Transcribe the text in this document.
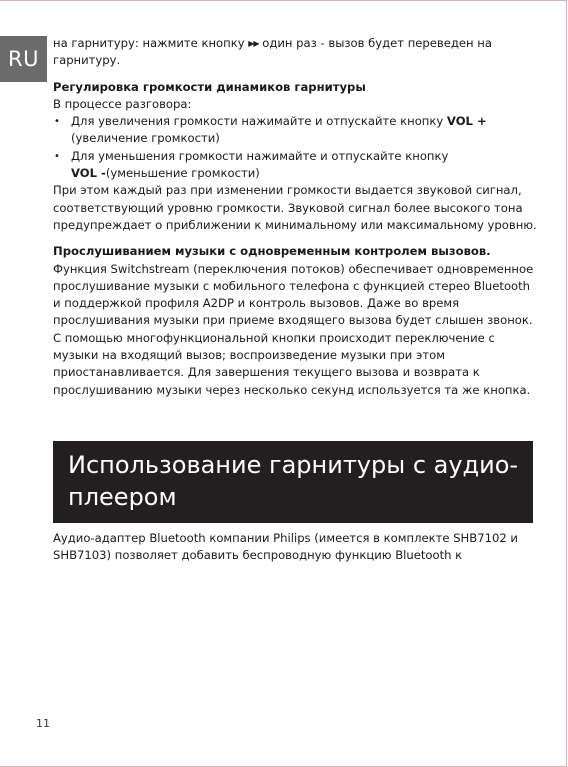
RU

на гарнитуру: нажмите кнопку ▶▶ один раз - вызов будет переведен на гарнитуру.

Регулировка громкости динамиков гарнитуры

В процессе разговора:

• Для увеличения громкости нажимайте и отпускайте кнопку VOL +
(увеличение громкости)
• Для уменьшения громкости нажимайте и отпускайте кнопку
VOL -(уменьшение громкости)

При этом каждый раз при изменении громкости выдается звуковой сигнал, соответствующий уровню громкости. Звуковой сигнал более высокого тона предупреждает о приближении к минимальному или максимальному уровню.

Прослушиванием музыки с одновременным контролем вызовов.

Функция Switchstream (переключения потоков) обеспечивает одновременное прослушивание музыки с мобильного телефона с функцией стерео Bluetooth и поддержкой профиля A2DP и контроль вызовов. Даже во время прослушивания музыки при приеме входящего вызова будет слышен звонок. С помощью многофункциональной кнопки происходит переключение с музыки на входящий вызов; воспроизведение музыки при этом приостанавливается. Для завершения текущего вызова и возврата к прослушиванию музыки через несколько секунд используется та же кнопка.

Использование гарнитуры с аудио-плеером

Аудио-адаптер Bluetooth компании Philips (имеется в комплекте SHB7102 и SHB7103) позволяет добавить беспроводную функцию Bluetooth к

11
